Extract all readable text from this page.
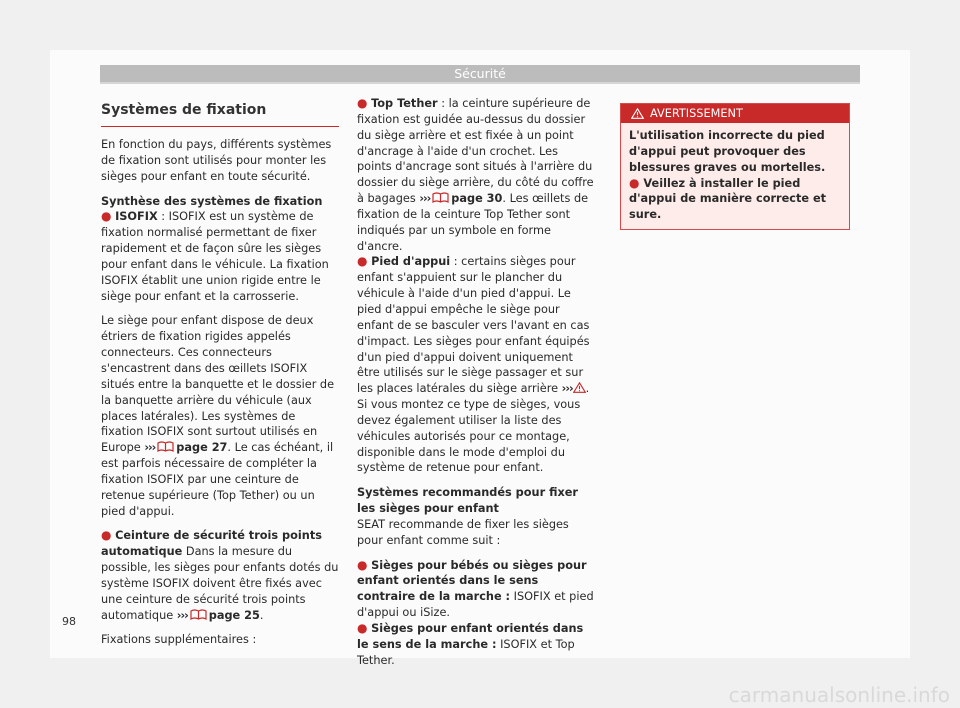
Sécurité
Systèmes de fixation

En fonction du pays, différents systèmes de fixation sont utilisés pour monter les sièges pour enfant en toute sécurité.

Synthèse des systèmes de fixation

● ISOFIX : ISOFIX est un système de fixation normalisé permettant de fixer rapidement et de façon sûre les sièges pour enfant dans le véhicule. La fixation ISOFIX établit une union rigide entre le siège pour enfant et la carrosserie.

Le siège pour enfant dispose de deux étriers de fixation rigides appelés connecteurs. Ces connecteurs s'encastrent dans des œillets ISOFIX situés entre la banquette et le dossier de la banquette arrière du véhicule (aux places latérales). Les systèmes de fixation ISOFIX sont surtout utilisés en Europe ››› page 27. Le cas échéant, il est parfois nécessaire de compléter la fixation ISOFIX par une ceinture de retenue supérieure (Top Tether) ou un pied d'appui.

● Ceinture de sécurité trois points automatique Dans la mesure du possible, les sièges pour enfants dotés du système ISOFIX doivent être fixés avec une ceinture de sécurité trois points automatique ››› page 25.

Fixations supplémentaires :

● Top Tether : la ceinture supérieure de fixation est guidée au-dessus du dossier du siège arrière et est fixée à un point d'ancrage à l'aide d'un crochet. Les points d'ancrage sont situés à l'arrière du dossier du siège arrière, du côté du coffre à bagages ››› page 30. Les œillets de fixation de la ceinture Top Tether sont indiqués par un symbole en forme d'ancre.

● Pied d'appui : certains sièges pour enfant s'appuient sur le plancher du véhicule à l'aide d'un pied d'appui. Le pied d'appui empêche le siège pour enfant de se basculer vers l'avant en cas d'impact. Les sièges pour enfant équipés d'un pied d'appui doivent uniquement être utilisés sur le siège passager et sur les places latérales du siège arrière ››› . Si vous montez ce type de sièges, vous devez également utiliser la liste des véhicules autorisés pour ce montage, disponible dans le mode d'emploi du système de retenue pour enfant.

Systèmes recommandés pour fixer les sièges pour enfant

SEAT recommande de fixer les sièges pour enfant comme suit :

● Sièges pour bébés ou sièges pour enfant orientés dans le sens contraire de la marche : ISOFIX et pied d'appui ou iSize.

● Sièges pour enfant orientés dans le sens de la marche : ISOFIX et Top Tether.

AVERTISSEMENT

L'utilisation incorrecte du pied d'appui peut provoquer des blessures graves ou mortelles.

● Veillez à installer le pied d'appui de manière correcte et sure.

98
carmanualsonline.info
